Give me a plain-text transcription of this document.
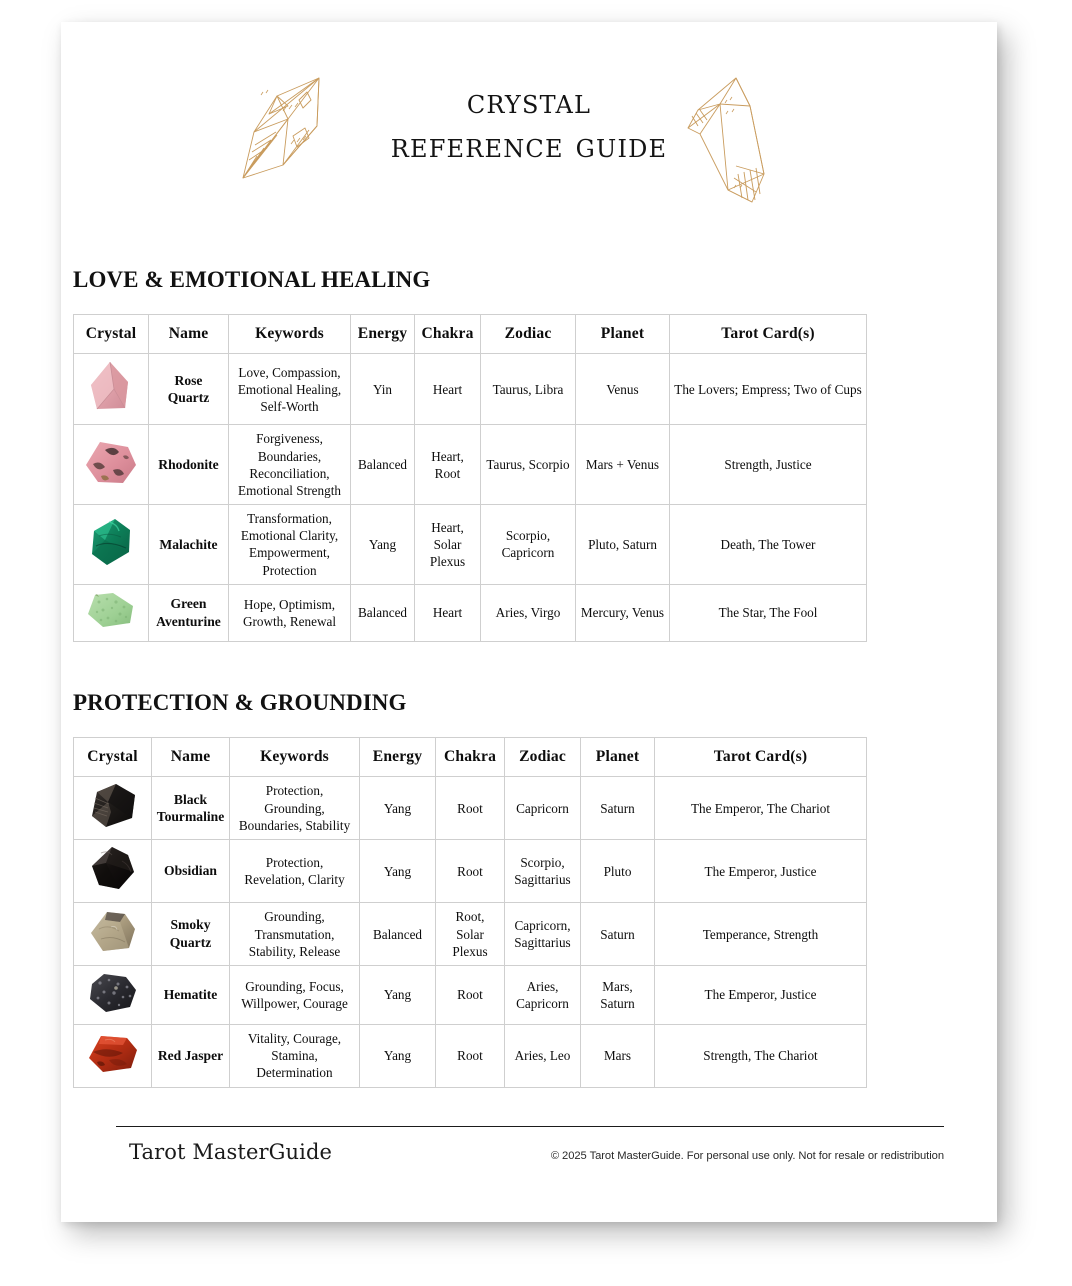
crystal
reference guide
LOVE & EMOTIONAL HEALING
Crystal	Name	Keywords	Energy	Chakra	Zodiac	Planet	Tarot Card(s)
	Rose Quartz	Love, Compassion, Emotional Healing, Self-Worth	Yin	Heart	Taurus, Libra	Venus	The Lovers; Empress; Two of Cups
	Rhodonite	Forgiveness, Boundaries, Reconciliation, Emotional Strength	Balanced	Heart, Root	Taurus, Scorpio	Mars + Venus	Strength, Justice
	Malachite	Transformation, Emotional Clarity, Empowerment, Protection	Yang	Heart, Solar Plexus	Scorpio, Capricorn	Pluto, Saturn	Death, The Tower
	Green Aventurine	Hope, Optimism, Growth, Renewal	Balanced	Heart	Aries, Virgo	Mercury, Venus	The Star, The Fool
PROTECTION & GROUNDING
Crystal	Name	Keywords	Energy	Chakra	Zodiac	Planet	Tarot Card(s)
	Black Tourmaline	Protection, Grounding, Boundaries, Stability	Yang	Root	Capricorn	Saturn	The Emperor, The Chariot
	Obsidian	Protection, Revelation, Clarity	Yang	Root	Scorpio, Sagittarius	Pluto	The Emperor, Justice
	Smoky Quartz	Grounding, Transmutation, Stability, Release	Balanced	Root, Solar Plexus	Capricorn, Sagittarius	Saturn	Temperance, Strength
	Hematite	Grounding, Focus, Willpower, Courage	Yang	Root	Aries, Capricorn	Mars, Saturn	The Emperor, Justice
	Red Jasper	Vitality, Courage, Stamina, Determination	Yang	Root	Aries, Leo	Mars	Strength, The Chariot
Tarot MasterGuide	© 2025 Tarot MasterGuide. For personal use only. Not for resale or redistribution
